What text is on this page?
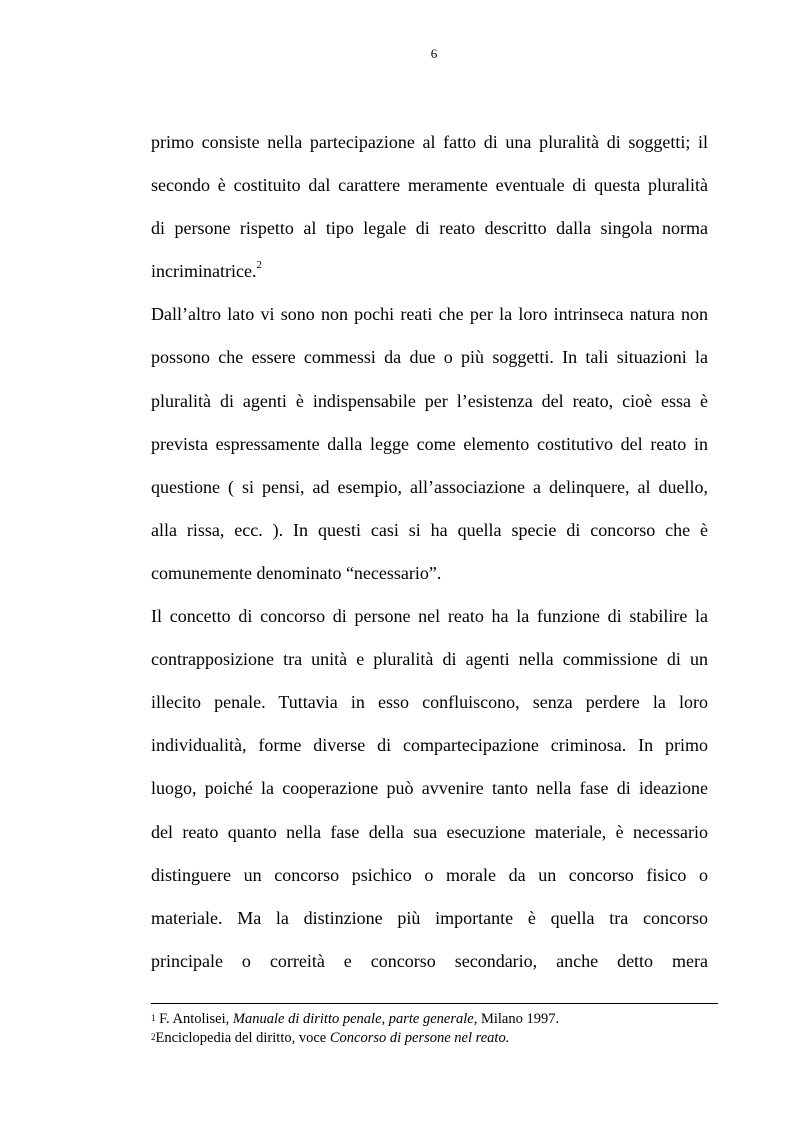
6
primo consiste nella partecipazione al fatto di una pluralità di soggetti; il
secondo è costituito dal carattere meramente eventuale di questa pluralità
di persone rispetto al tipo legale di reato descritto dalla singola norma
incriminatrice.$^2$
Dall’altro lato vi sono non pochi reati che per la loro intrinseca natura non
possono che essere commessi da due o più soggetti. In tali situazioni la
pluralità di agenti è indispensabile per l’esistenza del reato, cioè essa è
prevista espressamente dalla legge come elemento costitutivo del reato in
questione ( si pensi, ad esempio, all’associazione a delinquere, al duello,
alla rissa, ecc. ). In questi casi si ha quella specie di concorso che è
comunemente denominato “necessario”.
Il concetto di concorso di persone nel reato ha la funzione di stabilire la
contrapposizione tra unità e pluralità di agenti nella commissione di un
illecito penale. Tuttavia in esso confluiscono, senza perdere la loro
individualità, forme diverse di compartecipazione criminosa. In primo
luogo, poiché la cooperazione può avvenire tanto nella fase di ideazione
del reato quanto nella fase della sua esecuzione materiale, è necessario
distinguere un concorso psichico o morale da un concorso fisico o
materiale. Ma la distinzione più importante è quella tra concorso
principale o correità e concorso secondario, anche detto mera

$^1$ F. Antolisei, Manuale di diritto penale, parte generale, Milano 1997.

$^2$Enciclopedia del diritto, voce Concorso di persone nel reato.
